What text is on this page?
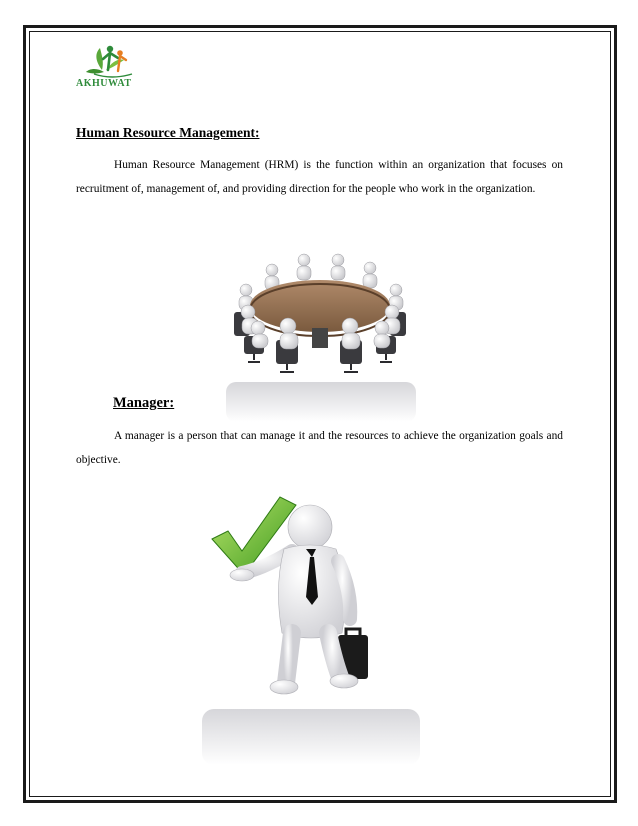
AKHUWAT
Human Resource Management:
Human Resource Management (HRM) is the function within an organization that focuses on recruitment of, management of, and providing direction for the people who work in the organization.
Manager:
A manager is a person that can manage it and the resources to achieve the organization goals and objective.
